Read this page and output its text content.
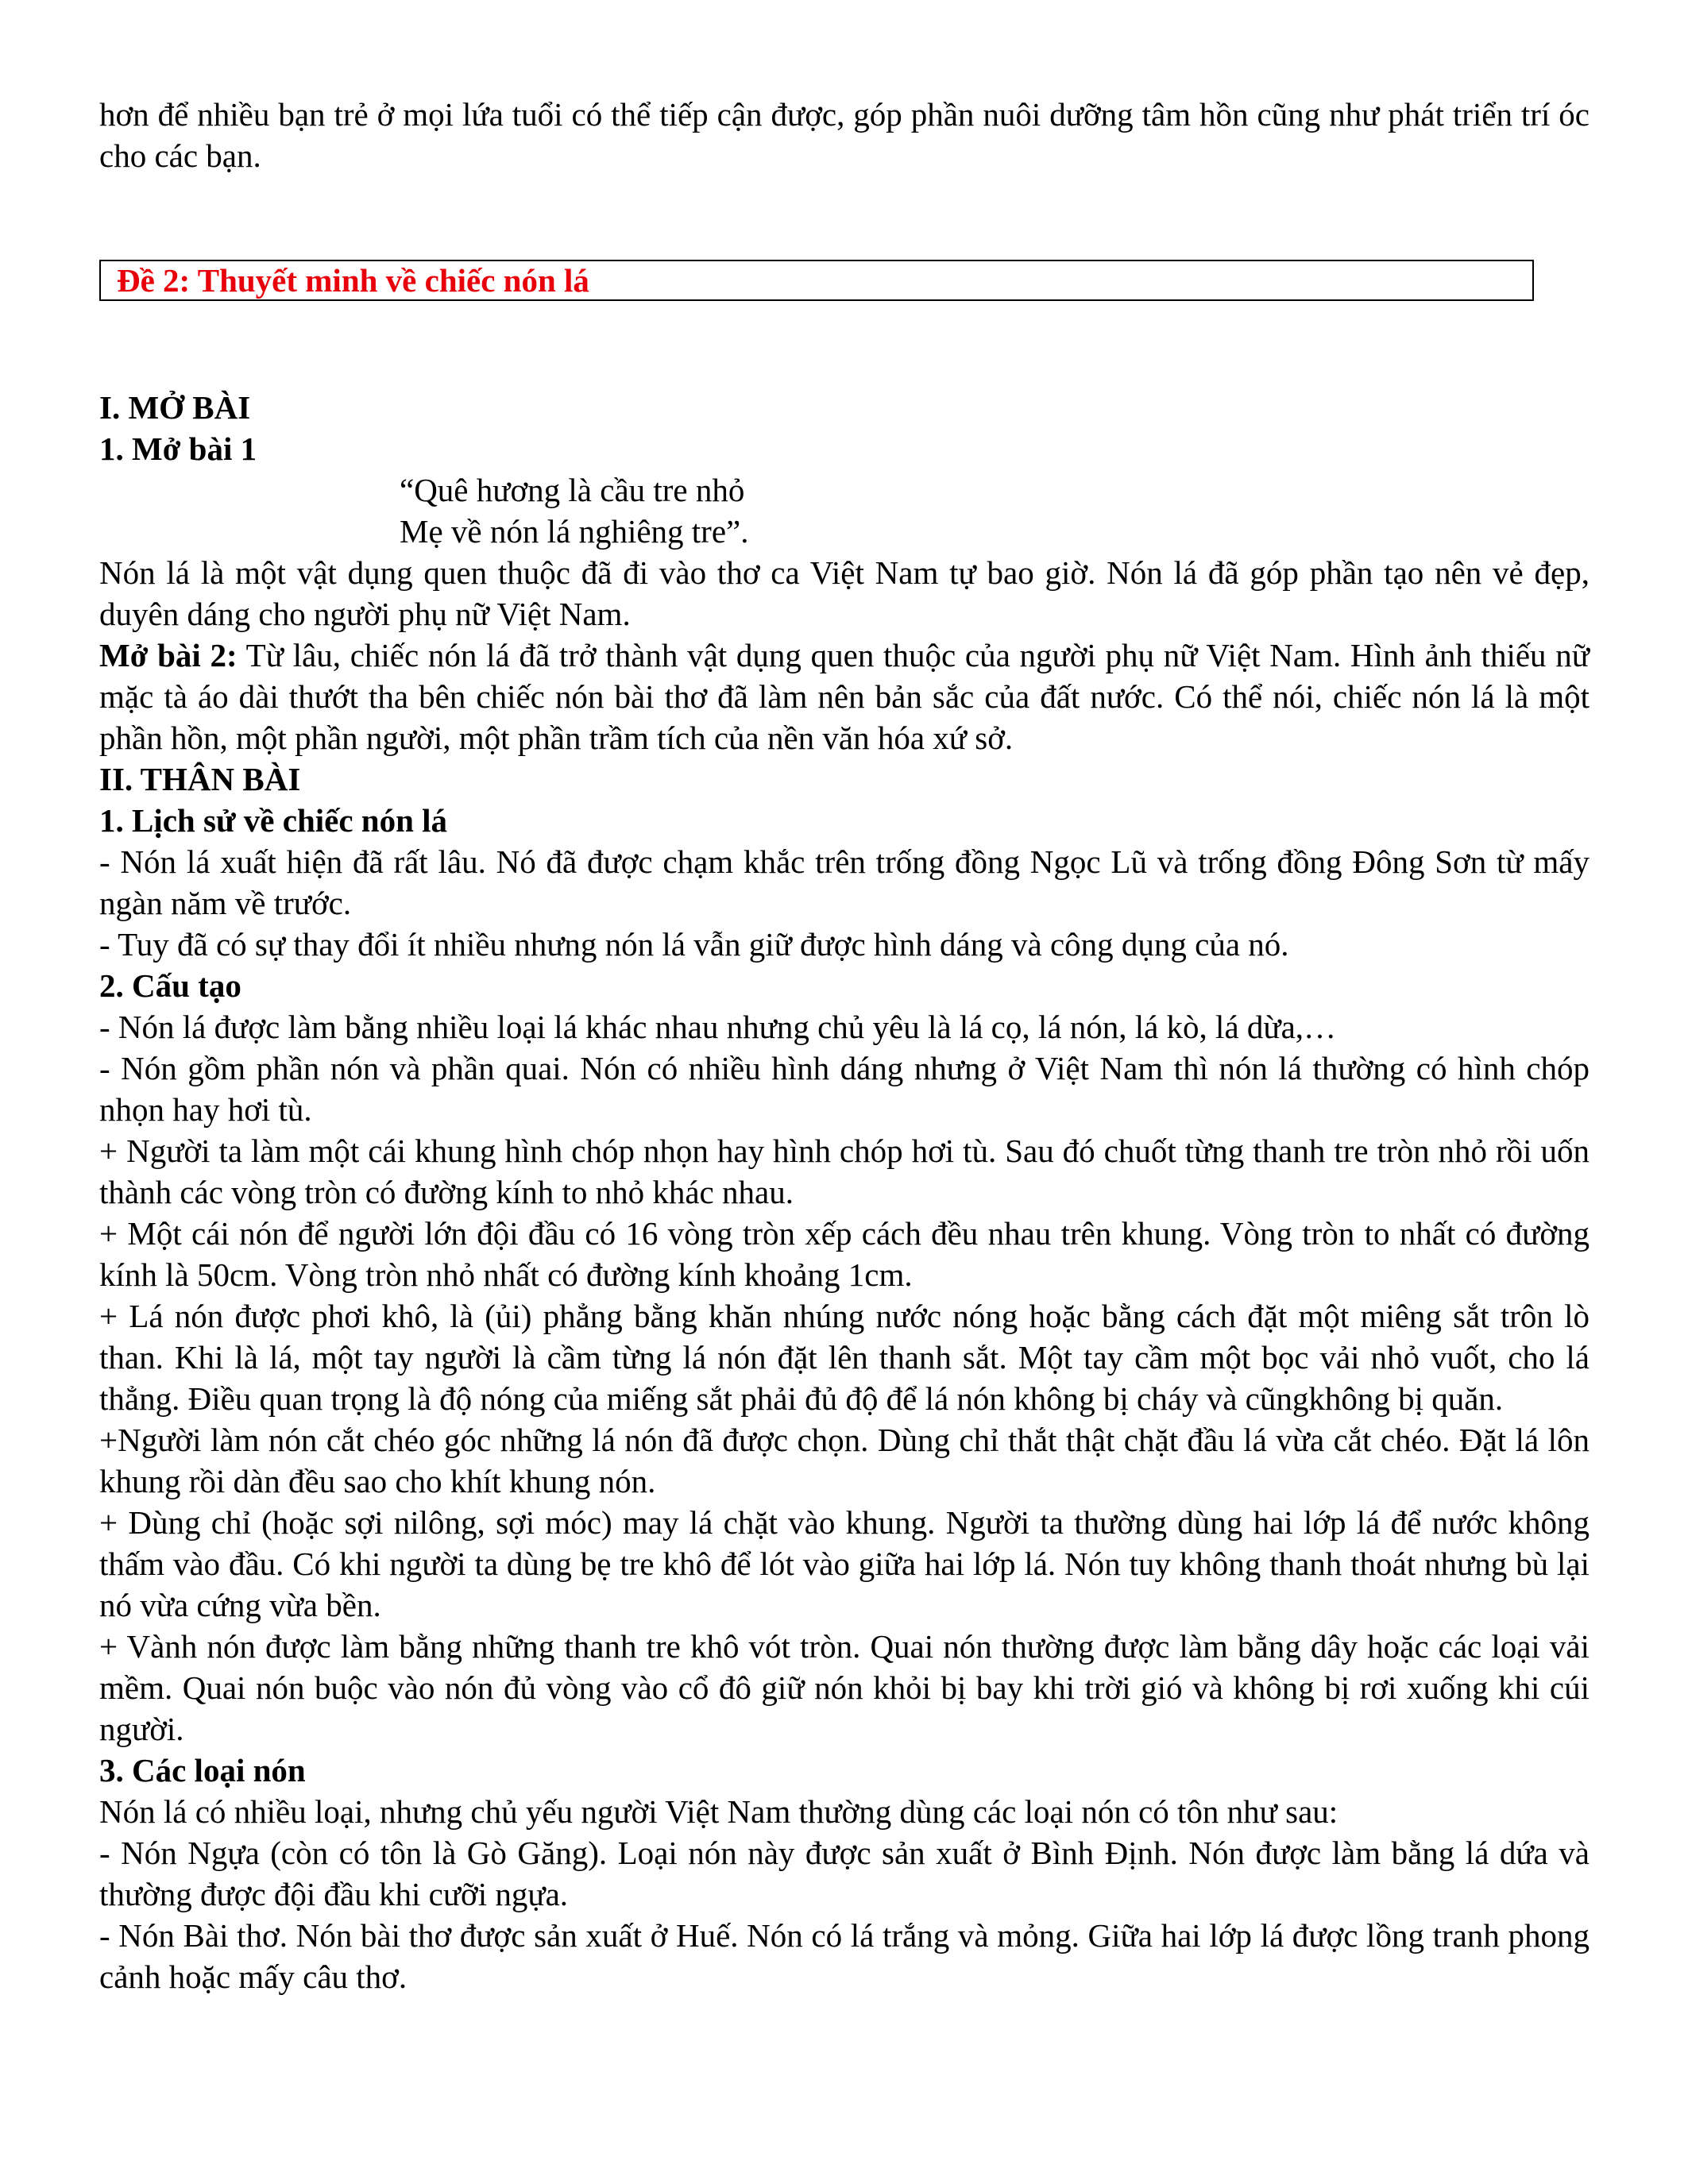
hơn để nhiều bạn trẻ ở mọi lứa tuổi có thể tiếp cận được, góp phần nuôi dưỡng tâm hồn cũng như phát triển trí óc cho các bạn.

Đề 2: Thuyết minh về chiếc nón lá

I. MỞ BÀI

1. Mở bài 1

“Quê hương là cầu tre nhỏ

Mẹ về nón lá nghiêng tre”.

Nón lá là một vật dụng quen thuộc đã đi vào thơ ca Việt Nam tự bao giờ. Nón lá đã góp phần tạo nên vẻ đẹp, duyên dáng cho người phụ nữ Việt Nam.

Mở bài 2: Từ lâu, chiếc nón lá đã trở thành vật dụng quen thuộc của người phụ nữ Việt Nam. Hình ảnh thiếu nữ mặc tà áo dài thướt tha bên chiếc nón bài thơ đã làm nên bản sắc của đất nước. Có thể nói, chiếc nón lá là một phần hồn, một phần người, một phần trầm tích của nền văn hóa xứ sở.

II. THÂN BÀI

1. Lịch sử về chiếc nón lá

- Nón lá xuất hiện đã rất lâu. Nó đã được chạm khắc trên trống đồng Ngọc Lũ và trống đồng Đông Sơn từ mấy ngàn năm về trước.

- Tuy đã có sự thay đổi ít nhiều nhưng nón lá vẫn giữ được hình dáng và công dụng của nó.

2. Cấu tạo

- Nón lá được làm bằng nhiều loại lá khác nhau nhưng chủ yêu là lá cọ, lá nón, lá kò, lá dừa,…

- Nón gồm phần nón và phần quai. Nón có nhiều hình dáng nhưng ở Việt Nam thì nón lá thường có hình chóp nhọn hay hơi tù.

+ Người ta làm một cái khung hình chóp nhọn hay hình chóp hơi tù. Sau đó chuốt từng thanh tre tròn nhỏ rồi uốn thành các vòng tròn có đường kính to nhỏ khác nhau.

+ Một cái nón để người lớn đội đầu có 16 vòng tròn xếp cách đều nhau trên khung. Vòng tròn to nhất có đường kính là 50cm. Vòng tròn nhỏ nhất có đường kính khoảng 1cm.

+ Lá nón được phơi khô, là (ủi) phẳng bằng khăn nhúng nước nóng hoặc bằng cách đặt một miêng sắt trôn lò than. Khi là lá, một tay người là cầm từng lá nón đặt lên thanh sắt. Một tay cầm một bọc vải nhỏ vuốt, cho lá thẳng. Điều quan trọng là độ nóng của miếng sắt phải đủ độ để lá nón không bị cháy và cũngkhông bị quăn.

+Người làm nón cắt chéo góc những lá nón đã được chọn. Dùng chỉ thắt thật chặt đầu lá vừa cắt chéo. Đặt lá lôn khung rồi dàn đều sao cho khít khung nón.

+ Dùng chỉ (hoặc sợi nilông, sợi móc) may lá chặt vào khung. Người ta thường dùng hai lớp lá để nước không thấm vào đầu. Có khi người ta dùng bẹ tre khô để lót vào giữa hai lớp lá. Nón tuy không thanh thoát nhưng bù lại nó vừa cứng vừa bền.

+ Vành nón được làm bằng những thanh tre khô vót tròn. Quai nón thường được làm bằng dây hoặc các loại vải mềm. Quai nón buộc vào nón đủ vòng vào cổ đô giữ nón khỏi bị bay khi trời gió và không bị rơi xuống khi cúi người.

3. Các loại nón

Nón lá có nhiều loại, nhưng chủ yếu người Việt Nam thường dùng các loại nón có tôn như sau:

- Nón Ngựa (còn có tôn là Gò Găng). Loại nón này được sản xuất ở Bình Định. Nón được làm bằng lá dứa và thường được đội đầu khi cưỡi ngựa.

- Nón Bài thơ. Nón bài thơ được sản xuất ở Huế. Nón có lá trắng và mỏng. Giữa hai lớp lá được lồng tranh phong cảnh hoặc mấy câu thơ.
